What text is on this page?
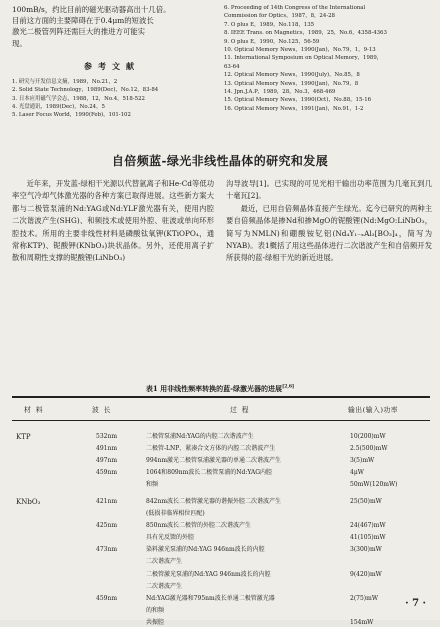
100mB/s，约比目前的磁光驱动器高出十几倍。

目前这方面的主要障碍在于0.4μm的短波长

激光二极管列阵还需巨大的推进方可能实

现。

参考文献
1. 研究与开发信息文摘，1989，No.21，2
2. Solid State Technology，1989(Dec)，No.12，83-84
3. 日本应用磁气学会志，1988，12，No.4，518-522
4. 光盘通讯，1989(Dec)，No.24，5
5. Laser Focus World，1990(Feb)，101-102
6. Proceeding of 14th Congress of the International
Commission for Optics，1987，8，24-28
7. O plus E，1989，No.118，135
8. IEEE Trans. on Magnetics，1989，25，No.6，4358-4363
9. O plus E，1990，No.125，56-59
10. Optical Memory News，1990(Jan)，No.79，1，9-13
11. International Symposium on Optical Memory，1989，
63-64
12. Optical Memory News，1990(July)，No.85，8
13. Optical Memory News，1990(Jan)，No.79，8
14. Jpn.J.A.P，1989，28，No.3，468-469
15. Optical Memory News，1990(Oct)，No.88，15-16
16. Optical Memory News，1991(Jan)，No.91，1-2
自倍频蓝-绿光非线性晶体的研究和发展

近年来，开发蓝-绿相干光源以代替氩离子和He-Cd等低功率空气冷却气体激光器的各种方案已取得进展。这些新方案大都与二极管泵浦的Nd:YAG或Nd:YLF激光器有关，使用内腔二次谐波产生(SHG)、和频技术或使用外腔、驻波或单向环形腔技术。所用的主要非线性材料是磷酸钛氧钾(KTiOPO₄，通常称KTP)、铌酸钾(KNbO₃)块状晶体。另外，还使用离子扩散和周期性支撑的铌酸锂(LiNbO₃)

沟导波导[1]。已实现的可见光相干输出功率范围为几毫瓦到几十毫瓦[2]。

最近，已用自倍频晶体直接产生绿光。迄今已研究的两种主要自倍频晶体是掺Nd和掺MgO的铌酸锂(Nd:MgO:LiNbO₃，简写为NMLN)和硼酸铵钇铝(Nd₄Y₁₋ₓAl₃[BO₃]₄，简写为NYAB)。表1概括了用这些晶体进行二次谐波产生和自倍频开发所获得的蓝-绿相干光的新近进展。

表1 用非线性频率转换的蓝-绿激光器的进展[2,6]
材料	波长	过程	输出(输入)功率
KTP	532nm	二极管泵浦Nd:YAG的内腔二次谐波产生	10(200)mW
491nm	二极管-LNP、紧凑合文方体的内腔二次谐波产生	2.5(500)mW
497nm	994nm激光二极管泵浦激光器的单通二次谐波产生	3(5)mW
459nm	1064和809nm波长二极管泵浦的Nd:YAG内腔	4μW
和频	50mW(120mW)
KNbO₃	421nm	842nm波长二极管激光器的谐振外腔二次谐波产生	25(50)mW
(低损非临界相位匹配)
425nm	850nm波长二极管的外腔二次谐波产生	24(467)mW
具有光反馈的外腔	41(105)mW
473nm	染料激光泵浦的Nd:YAG 946nm波长的内腔	3(300)mW
二次谐波产生
二极管激光泵浦的Nd:YAG 946nm波长的内腔	9(420)mW
二次谐波产生
459nm	Nd:YAG激光器和795nm波长单通二极管激光器	2(75)mW
的和频
共振腔	154mW
· 7 ·
